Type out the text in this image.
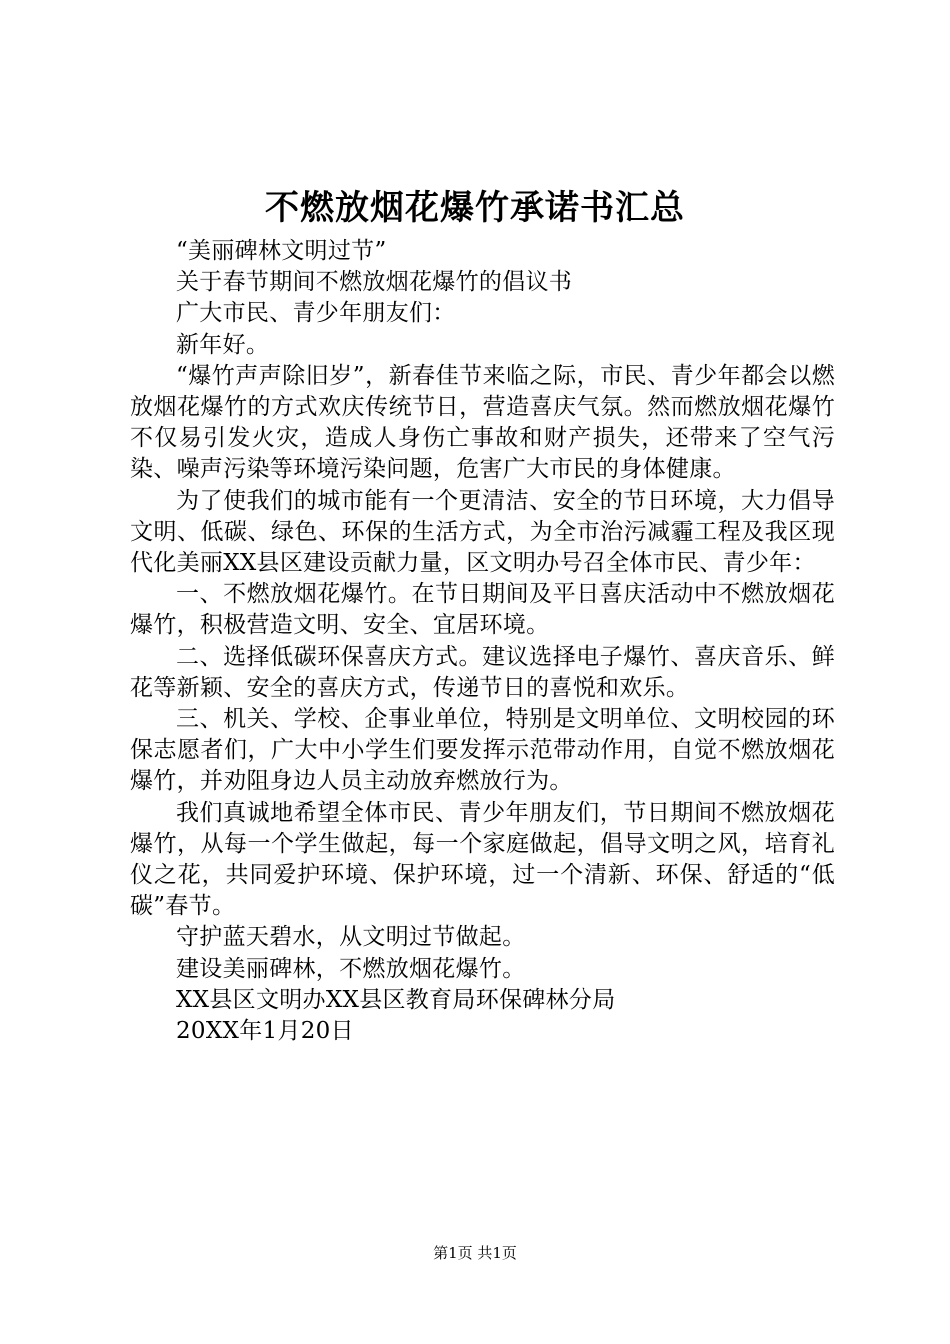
不燃放烟花爆竹承诺书汇总

“美丽碑林文明过节”

关于春节期间不燃放烟花爆竹的倡议书

广大市民、青少年朋友们：

新年好。

“爆竹声声除旧岁”，新春佳节来临之际，市民、青少年都会以燃放烟花爆竹的方式欢庆传统节日，营造喜庆气氛。然而燃放烟花爆竹不仅易引发火灾，造成人身伤亡事故和财产损失，还带来了空气污染、噪声污染等环境污染问题，危害广大市民的身体健康。

为了使我们的城市能有一个更清洁、安全的节日环境，大力倡导文明、低碳、绿色、环保的生活方式，为全市治污减霾工程及我区现代化美丽XX县区建设贡献力量，区文明办号召全体市民、青少年：

一、不燃放烟花爆竹。在节日期间及平日喜庆活动中不燃放烟花爆竹，积极营造文明、安全、宜居环境。

二、选择低碳环保喜庆方式。建议选择电子爆竹、喜庆音乐、鲜花等新颖、安全的喜庆方式，传递节日的喜悦和欢乐。

三、机关、学校、企事业单位，特别是文明单位、文明校园的环保志愿者们，广大中小学生们要发挥示范带动作用，自觉不燃放烟花爆竹，并劝阻身边人员主动放弃燃放行为。

我们真诚地希望全体市民、青少年朋友们，节日期间不燃放烟花爆竹，从每一个学生做起，每一个家庭做起，倡导文明之风，培育礼仪之花，共同爱护环境、保护环境，过一个清新、环保、舒适的“低碳”春节。

守护蓝天碧水，从文明过节做起。

建设美丽碑林，不燃放烟花爆竹。

XX县区文明办XX县区教育局环保碑林分局

20XX年1月20日

第1页 共1页
